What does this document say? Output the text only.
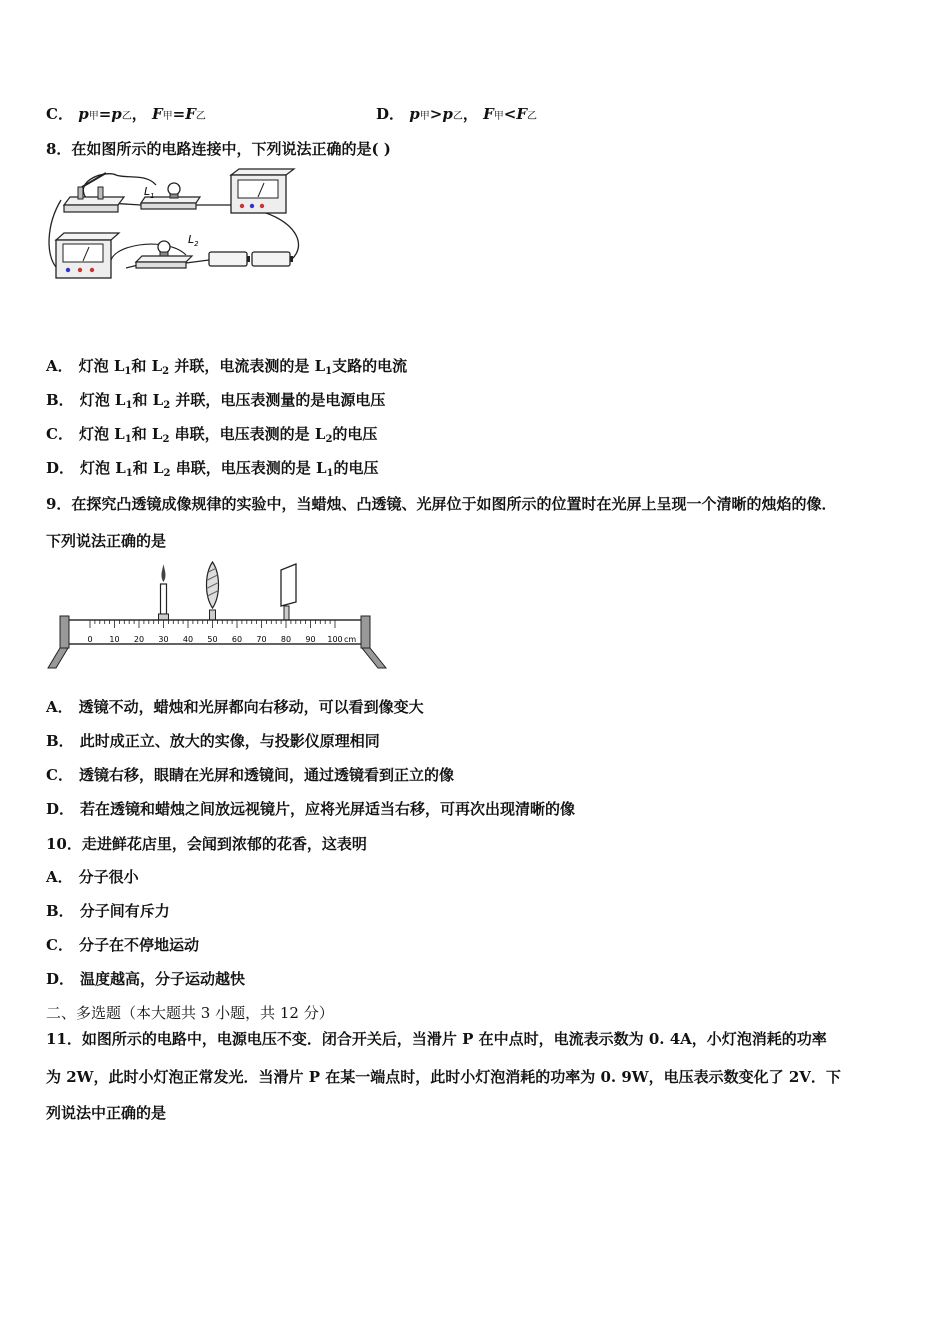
C． p甲=p乙， F甲=F乙	D． p甲>p乙， F甲<F乙
8．在如图所示的电路连接中，下列说法正确的是( )
$L_1$
$L_2$
A． 灯泡 $L_1$和 $L_2$ 并联，电流表测的是 $L_1$支路的电流
B． 灯泡 $L_1$和 $L_2$ 并联，电压表测量的是电源电压
C． 灯泡 $L_1$和 $L_2$ 串联，电压表测的是 $L_2$的电压
D． 灯泡 $L_1$和 $L_2$ 串联，电压表测的是 $L_1$的电压
9．在探究凸透镜成像规律的实验中，当蜡烛、凸透镜、光屏位于如图所示的位置时在光屏上呈现一个清晰的烛焰的像．
下列说法正确的是
0 10 20 30 40 50 60 70 80 90 100 cm
A． 透镜不动，蜡烛和光屏都向右移动，可以看到像变大
B． 此时成正立、放大的实像，与投影仪原理相同
C． 透镜右移，眼睛在光屏和透镜间，通过透镜看到正立的像
D． 若在透镜和蜡烛之间放远视镜片，应将光屏适当右移，可再次出现清晰的像
10．走进鲜花店里，会闻到浓郁的花香，这表明
A． 分子很小
B． 分子间有斥力
C． 分子在不停地运动
D． 温度越高，分子运动越快
二、多选题（本大题共 3 小题，共 12 分）
11．如图所示的电路中，电源电压不变．闭合开关后，当滑片 P 在中点时，电流表示数为 0. 4A，小灯泡消耗的功率
为 2W，此时小灯泡正常发光．当滑片 P 在某一端点时，此时小灯泡消耗的功率为 0. 9W，电压表示数变化了 2V．下
列说法中正确的是
